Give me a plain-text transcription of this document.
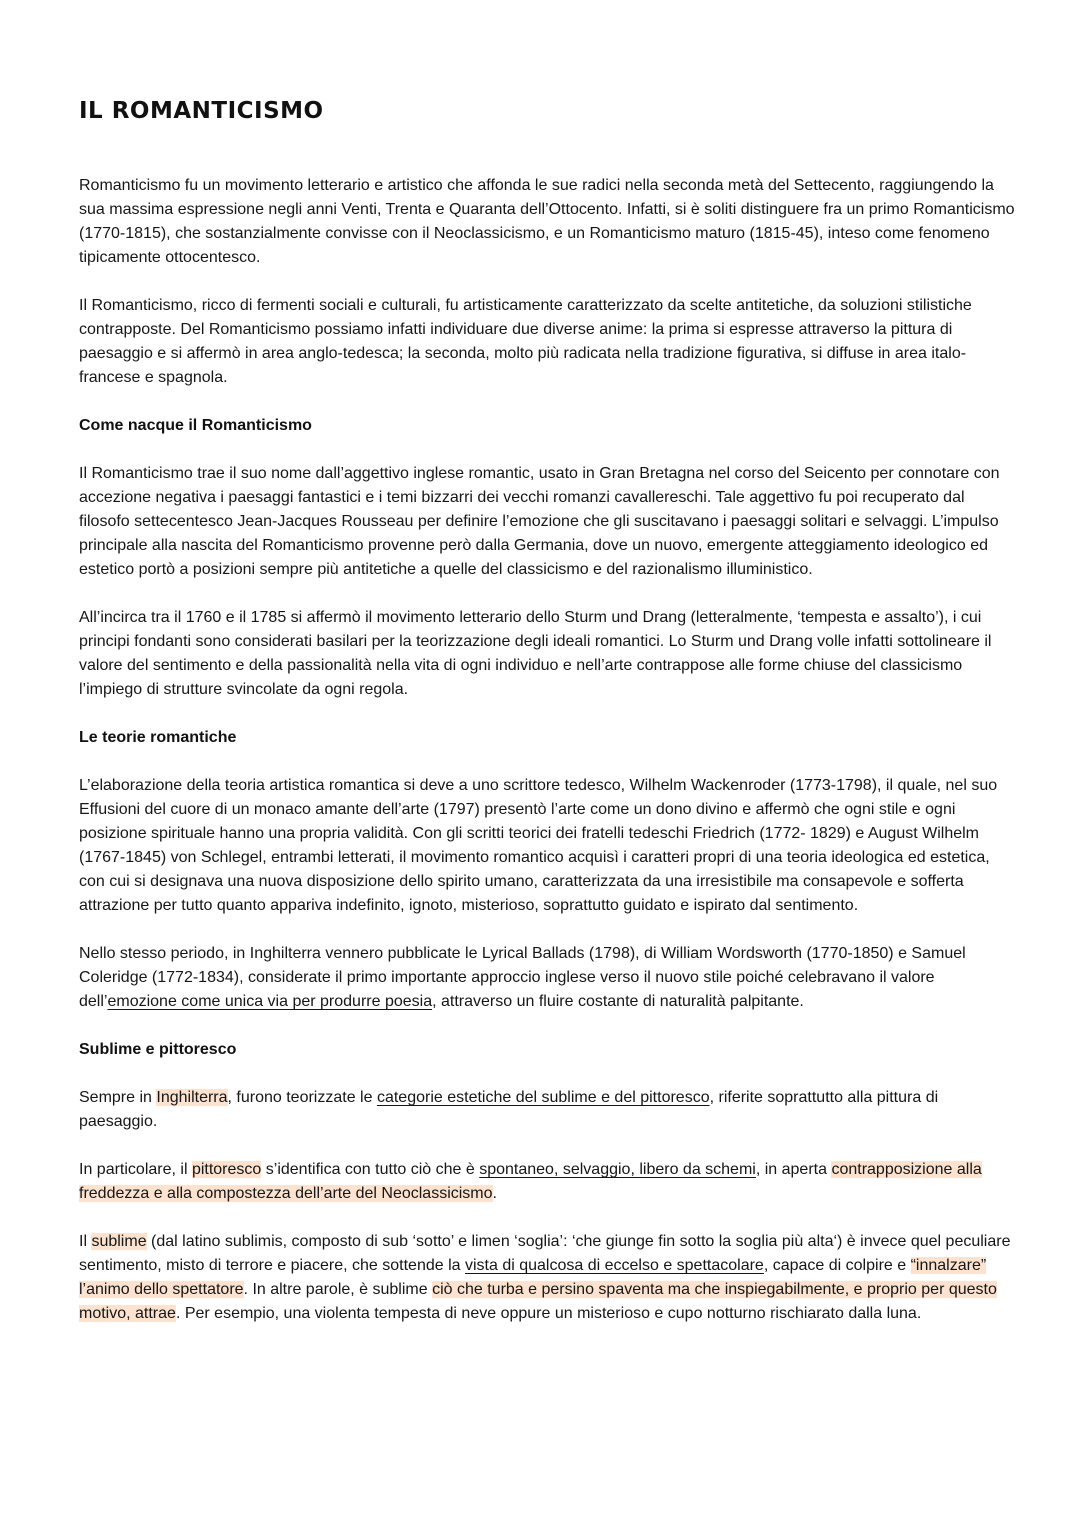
IL ROMANTICISMO

Romanticismo fu un movimento letterario e artistico che affonda le sue radici nella seconda metà del Settecento, raggiungendo la sua massima espressione negli anni Venti, Trenta e Quaranta dell’Ottocento. Infatti, si è soliti distinguere fra un primo Romanticismo (1770-1815), che sostanzialmente convisse con il Neoclassicismo, e un Romanticismo maturo (1815-45), inteso come fenomeno tipicamente ottocentesco.

Il Romanticismo, ricco di fermenti sociali e culturali, fu artisticamente caratterizzato da scelte antitetiche, da soluzioni stilistiche contrapposte. Del Romanticismo possiamo infatti individuare due diverse anime: la prima si espresse attraverso la pittura di paesaggio e si affermò in area anglo-tedesca; la seconda, molto più radicata nella tradizione figurativa, si diffuse in area italo-francese e spagnola.

Come nacque il Romanticismo

Il Romanticismo trae il suo nome dall’aggettivo inglese romantic, usato in Gran Bretagna nel corso del Seicento per connotare con accezione negativa i paesaggi fantastici e i temi bizzarri dei vecchi romanzi cavallereschi. Tale aggettivo fu poi recuperato dal filosofo settecentesco Jean-Jacques Rousseau per definire l’emozione che gli suscitavano i paesaggi solitari e selvaggi. L’impulso principale alla nascita del Romanticismo provenne però dalla Germania, dove un nuovo, emergente atteggiamento ideologico ed estetico portò a posizioni sempre più antitetiche a quelle del classicismo e del razionalismo illuministico.

All’incirca tra il 1760 e il 1785 si affermò il movimento letterario dello Sturm und Drang (letteralmente, ‘tempesta e assalto’), i cui principi fondanti sono considerati basilari per la teorizzazione degli ideali romantici. Lo Sturm und Drang volle infatti sottolineare il valore del sentimento e della passionalità nella vita di ogni individuo e nell’arte contrappose alle forme chiuse del classicismo l’impiego di strutture svincolate da ogni regola.

Le teorie romantiche

L’elaborazione della teoria artistica romantica si deve a uno scrittore tedesco, Wilhelm Wackenroder (1773-1798), il quale, nel suo Effusioni del cuore di un monaco amante dell’arte (1797) presentò l’arte come un dono divino e affermò che ogni stile e ogni posizione spirituale hanno una propria validità. Con gli scritti teorici dei fratelli tedeschi Friedrich (1772- 1829) e August Wilhelm (1767-1845) von Schlegel, entrambi letterati, il movimento romantico acquisì i caratteri propri di una teoria ideologica ed estetica, con cui si designava una nuova disposizione dello spirito umano, caratterizzata da una irresistibile ma consapevole e sofferta attrazione per tutto quanto appariva indefinito, ignoto, misterioso, soprattutto guidato e ispirato dal sentimento.

Nello stesso periodo, in Inghilterra vennero pubblicate le Lyrical Ballads (1798), di William Wordsworth (1770-1850) e Samuel Coleridge (1772-1834), considerate il primo importante approccio inglese verso il nuovo stile poiché celebravano il valore dell’emozione come unica via per produrre poesia, attraverso un fluire costante di naturalità palpitante.

Sublime e pittoresco

Sempre in Inghilterra, furono teorizzate le categorie estetiche del sublime e del pittoresco, riferite soprattutto alla pittura di paesaggio.

In particolare, il pittoresco s’identifica con tutto ciò che è spontaneo, selvaggio, libero da schemi, in aperta contrapposizione alla freddezza e alla compostezza dell’arte del Neoclassicismo.

Il sublime (dal latino sublimis, composto di sub ‘sotto’ e limen ‘soglia’: ‘che giunge fin sotto la soglia più alta‘) è invece quel peculiare sentimento, misto di terrore e piacere, che sottende la vista di qualcosa di eccelso e spettacolare, capace di colpire e “innalzare” l’animo dello spettatore. In altre parole, è sublime ciò che turba e persino spaventa ma che inspiegabilmente, e proprio per questo motivo, attrae. Per esempio, una violenta tempesta di neve oppure un misterioso e cupo notturno rischiarato dalla luna.
